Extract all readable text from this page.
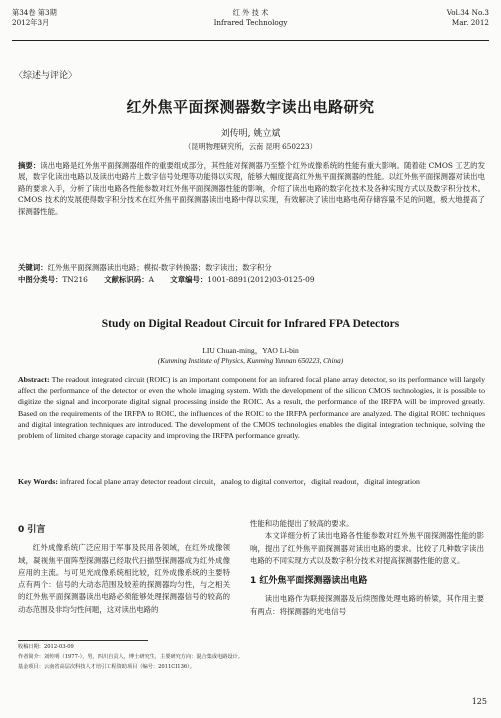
第34卷 第3期
2012年3月
红 外 技 术
Infrared Technology
Vol.34 No.3
Mar. 2012
〈综述与评论〉
红外焦平面探测器数字读出电路研究
刘传明, 姚立斌
（昆明物理研究所，云南 昆明 650223）
摘要：读出电路是红外焦平面探测器组件的重要组成部分，其性能对探测器乃至整个红外成像系统的性能有重大影响。随着硅 CMOS 工艺的发展，数字化读出电路以及读出电路片上数字信号处理等功能得以实现，能够大幅度提高红外焦平面探测器的性能。以红外焦平面探测器对读出电路的要求入手，分析了读出电路各性能参数对红外焦平面探测器性能的影响，介绍了读出电路的数字化技术及各种实现方式以及数字积分技术。CMOS 技术的发展使得数字积分技术在红外焦平面探测器读出电路中得以实现，有效解决了读出电路电荷存储容量不足的问题，极大地提高了探测器性能。
关键词：红外焦平面探测器读出电路；模拟-数字转换器；数字读出；数字积分
中图分类号：TN216 文献标识码：A 文章编号：1001-8891(2012)03-0125-09
Study on Digital Readout Circuit for Infrared FPA Detectors
LIU Chuan-ming，YAO Li-bin
(Kunming Institute of Physics, Kunming Yunnan 650223, China)
Abstract: The readout integrated circuit (ROIC) is an important component for an infrared focal plane array detector, so its performance will largely affect the performance of the detector or even the whole imaging system. With the development of the silicon CMOS technologies, it is possible to digitize the signal and incorporate digital signal processing inside the ROIC. As a result, the performance of the IRFPA will be improved greatly. Based on the requirements of the IRFPA to ROIC, the influences of the ROIC to the IRFPA performance are analyzed. The digital ROIC techniques and digital integration techniques are introduced. The development of the CMOS technologies enables the digital integration technique, solving the problem of limited charge storage capacity and improving the IRFPA performance greatly.
Key Words: infrared focal plane array detector readout circuit，analog to digital convertor，digital readout，digital integration
0 引言

红外成像系统广泛应用于军事及民用各领域，在红外成像领域，凝视焦平面阵型探测器已经取代扫描型探测器成为红外成像应用的主流。与可见光成像系统相比较，红外成像系统的主要特点有两个：信号的大动态范围及较差的探测器均匀性，与之相关的红外焦平面探测器读出电路必须能够处理探测器信号的较高的动态范围及非均匀性问题，这对读出电路的

性能和功能提出了较高的要求。

本文详细分析了读出电路各性能参数对红外焦平面探测器性能的影响，提出了红外焦平面探测器对读出电路的要求。比较了几种数字读出电路的不同实现方式以及数字积分技术对提高探测器性能的意义。

1 红外焦平面探测器读出电路

读出电路作为联接探测器及后续图像处理电路的桥梁，其作用主要有两点：将探测器的光电信号

收稿日期：2012-03-09
作者简介：刘传明（1977-），男，四川自贡人，博士研究生，主要研究方向：混合集成电路设计。
基金项目：云南省高层次科技人才培引工程资助项目（编号：2011CI136）。
125
